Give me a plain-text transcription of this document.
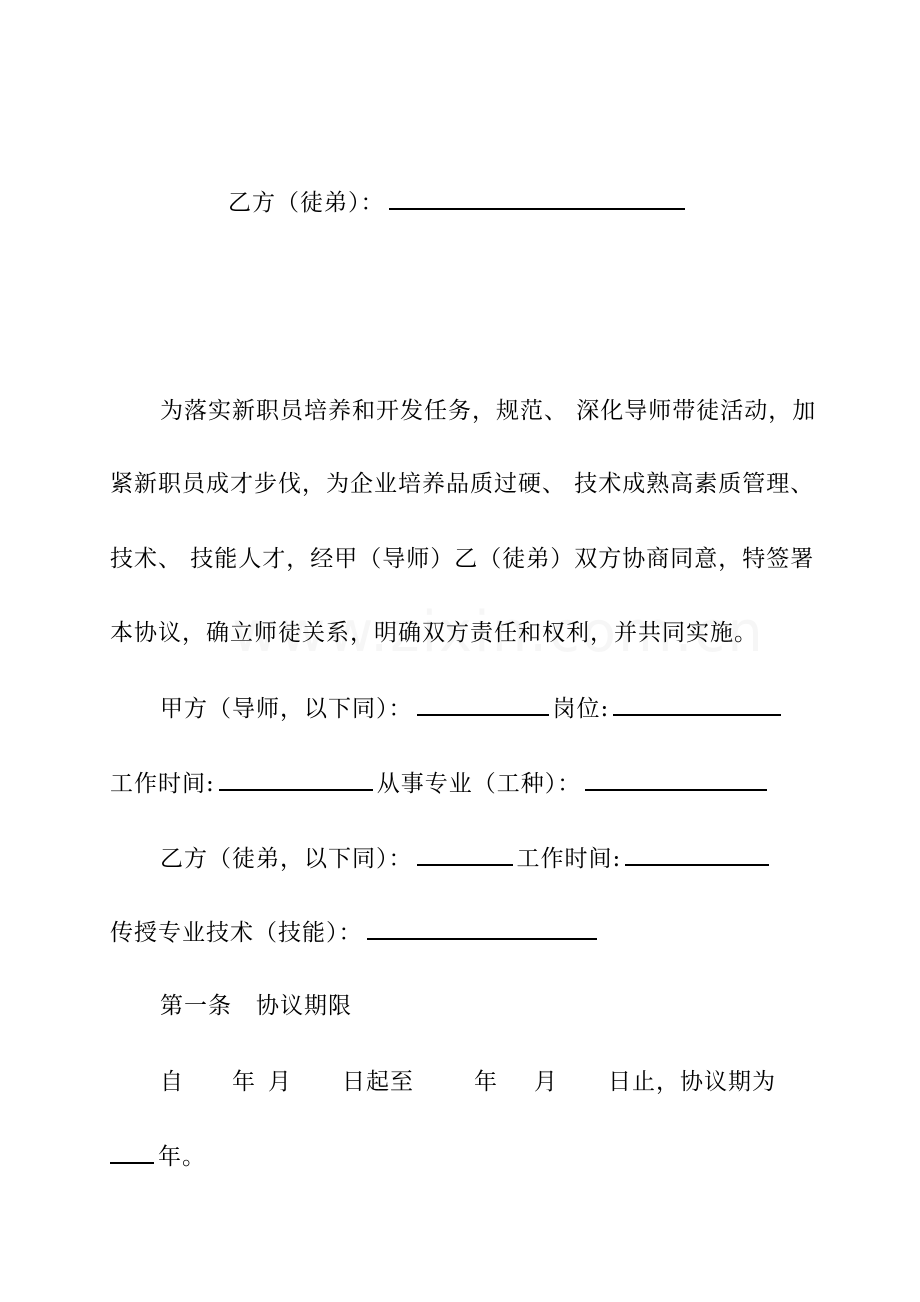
乙方（徒弟）：
为落实新职员培养和开发任务，规范、 深化导师带徒活动，加
紧新职员成才步伐，为企业培养品质过硬、 技术成熟高素质管理、
技术、 技能人才，经甲（导师）乙（徒弟）双方协商同意，特签署
本协议，确立师徒关系，明确双方责任和权利，并共同实施。
甲方（导师，以下同）：	岗位:
工作时间:	从事专业（工种）：
乙方（徒弟，以下同）：	工作时间:
传授专业技术（技能）：
第一条　协议期限
自 年 月 日起至	年 月 日止，协议期为
年。
